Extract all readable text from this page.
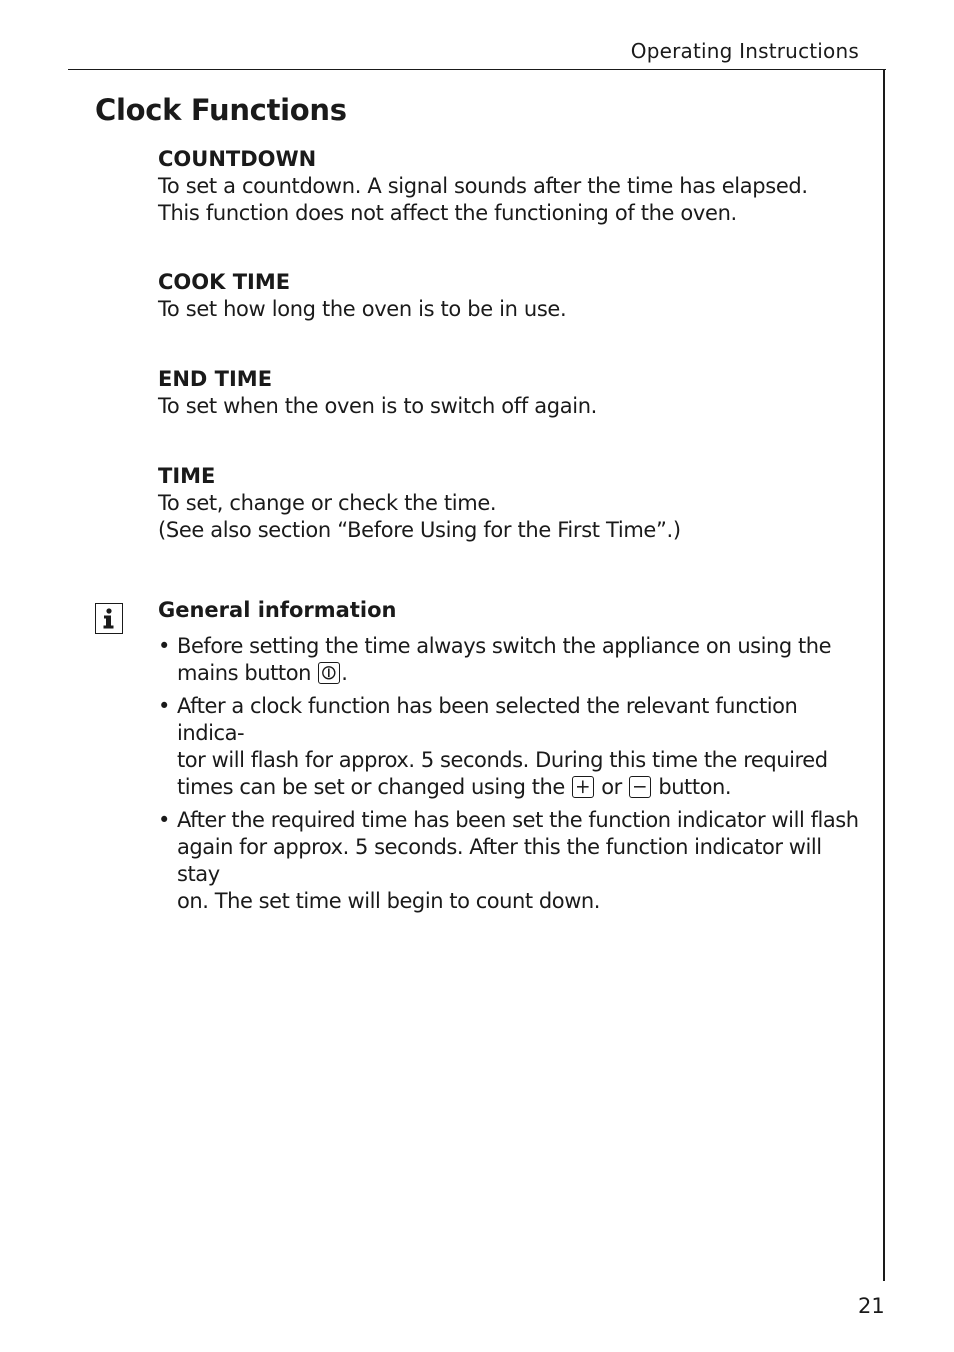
Operating Instructions
Clock Functions
COUNTDOWN
To set a countdown. A signal sounds after the time has elapsed.
This function does not affect the functioning of the oven.
COOK TIME
To set how long the oven is to be in use.
END TIME
To set when the oven is to switch off again.
TIME
To set, change or check the time.
(See also section “Before Using for the First Time”.)
General information
• Before setting the time always switch the appliance on using the
mains button
.
• After a clock function has been selected the relevant function indica-
tor will flash for approx. 5 seconds. During this time the required
times can be set or changed using the
or
button.
• After the required time has been set the function indicator will flash
again for approx. 5 seconds. After this the function indicator will stay
on. The set time will begin to count down.
21
